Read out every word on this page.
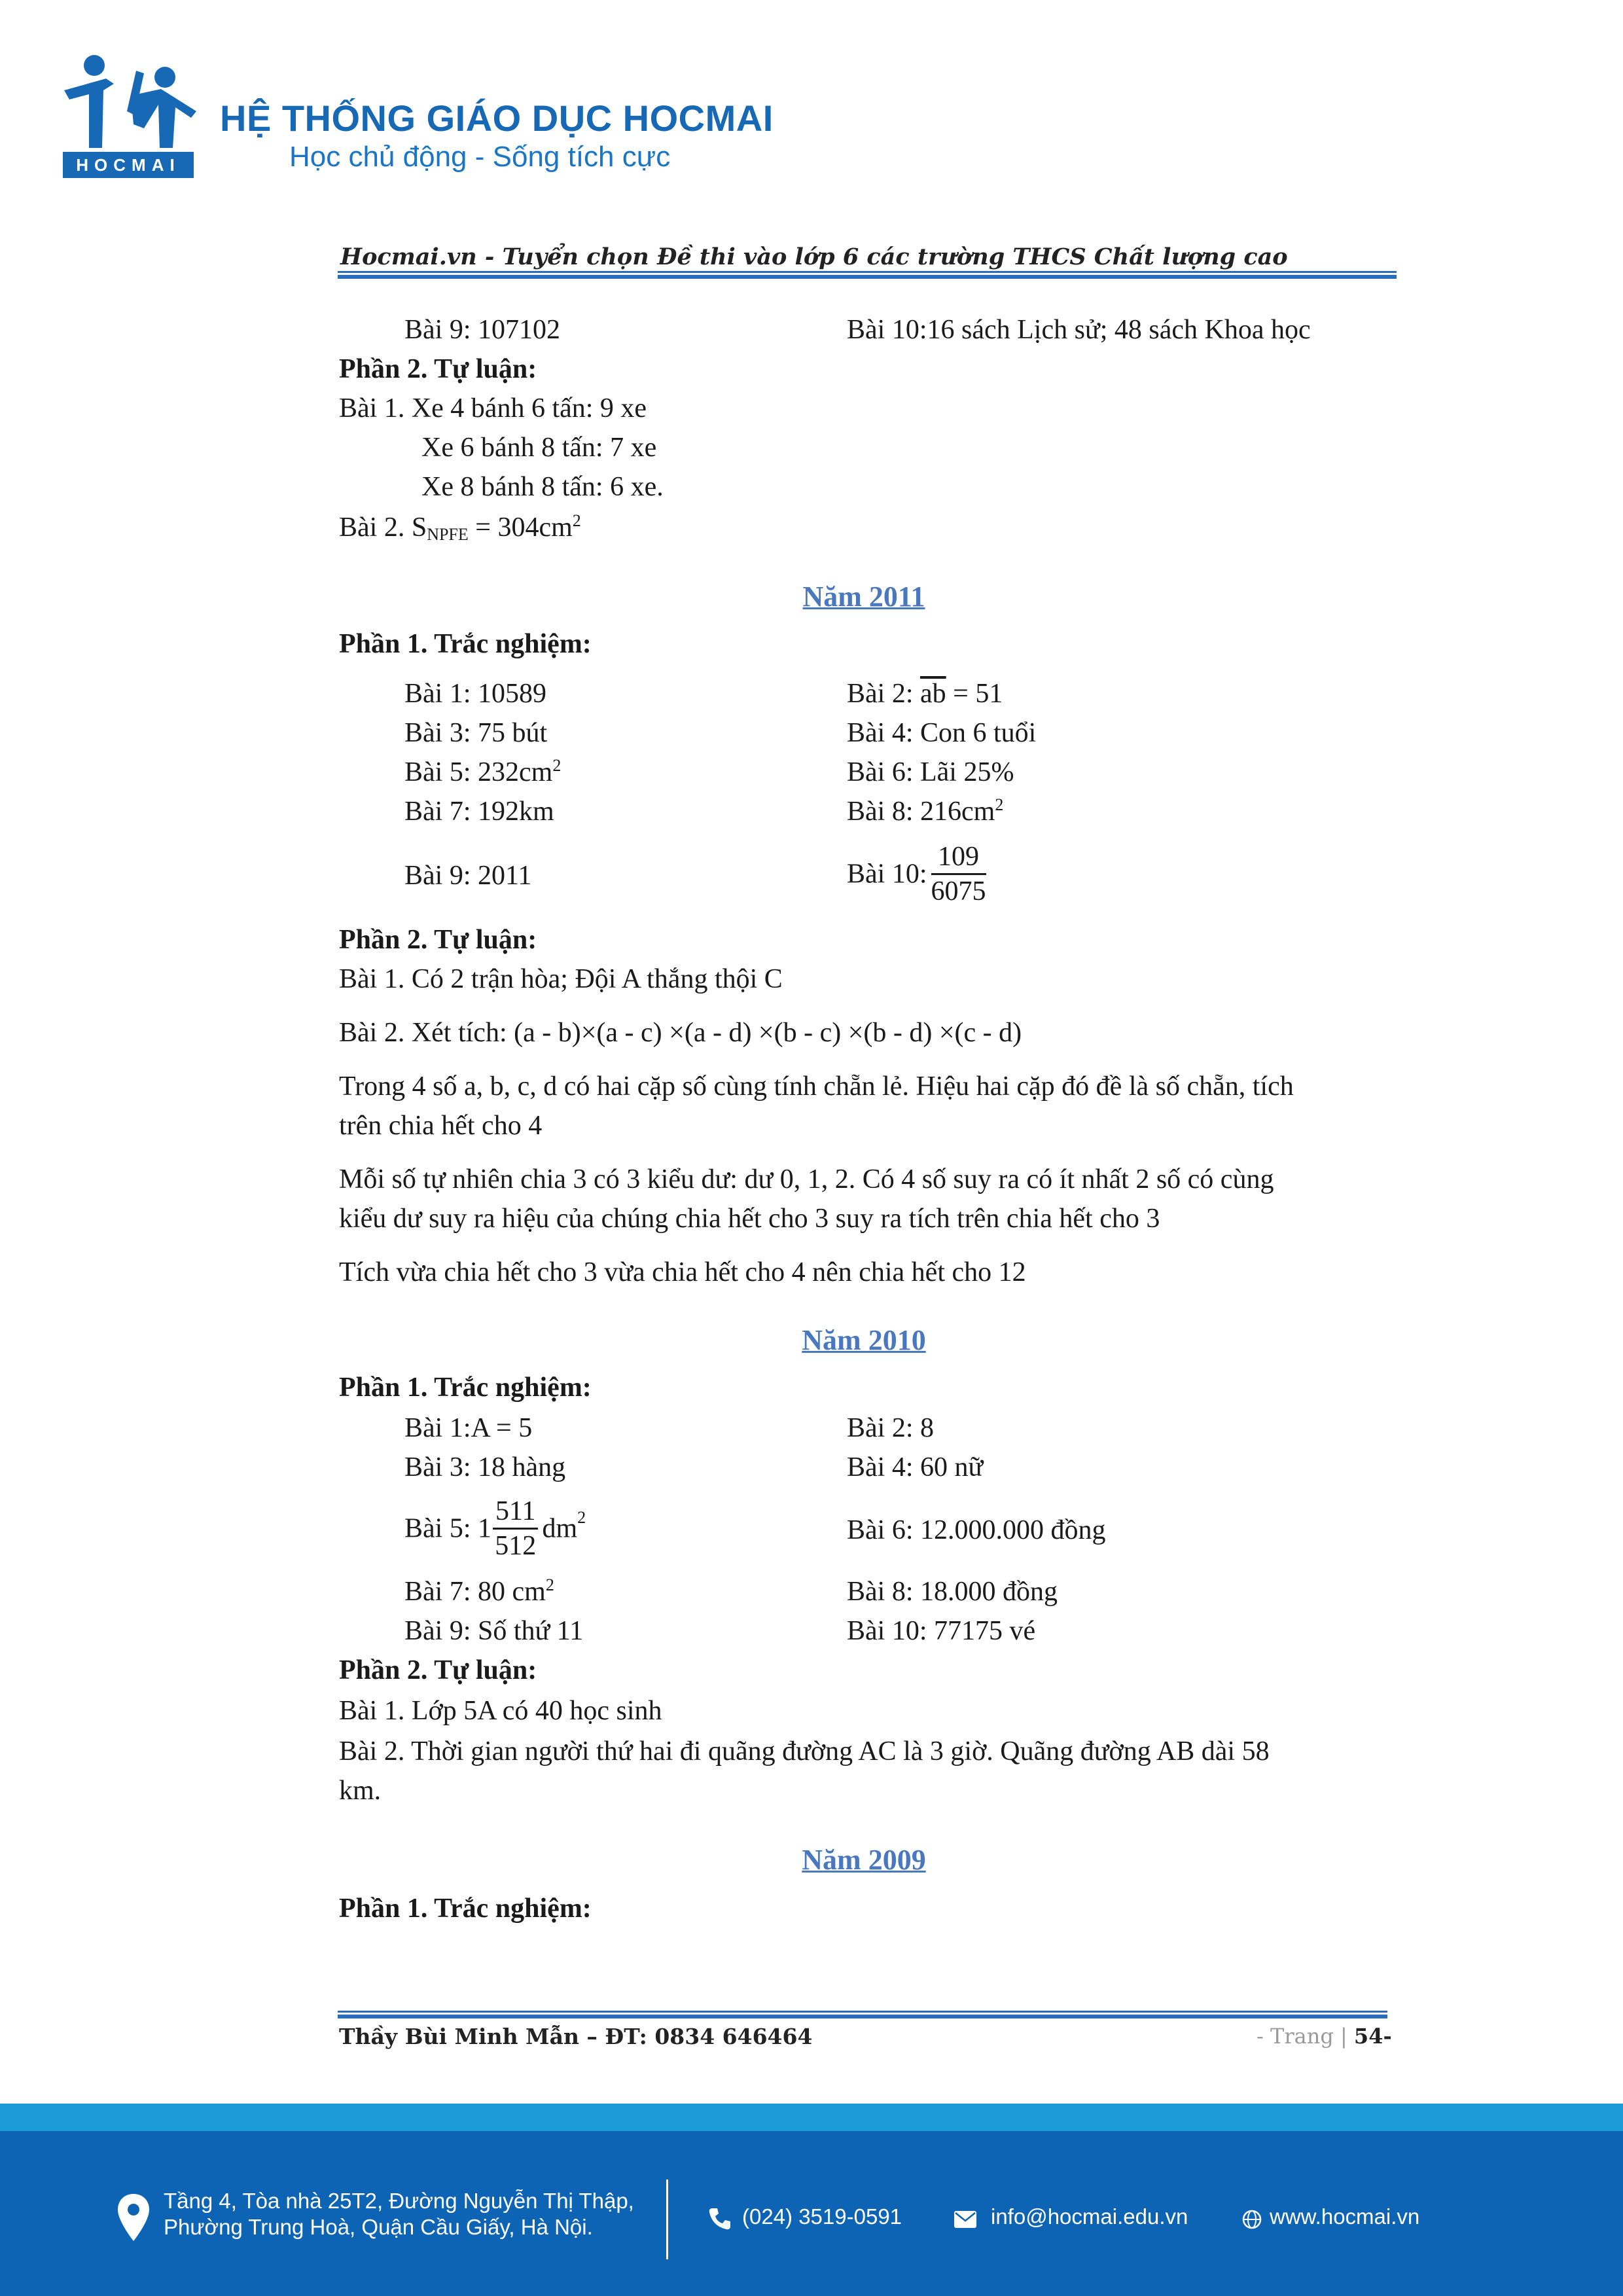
HOCMAI
HỆ THỐNG GIÁO DỤC HOCMAI
Học chủ động - Sống tích cực
Hocmai.vn - Tuyển chọn Đề thi vào lớp 6 các trường THCS Chất lượng cao
Bài 9: 107102	Bài 10:16 sách Lịch sử; 48 sách Khoa học
Phần 2. Tự luận:
Bài 1. Xe 4 bánh 6 tấn: 9 xe
Xe 6 bánh 8 tấn: 7 xe
Xe 8 bánh 8 tấn: 6 xe.
Bài 2. $S_{NPFE} = 304cm^2$
Năm 2011
Phần 1. Trắc nghiệm:
Bài 1: 10589	Bài 2: $\overline{ab} = 51$
Bài 3: 75 bút	Bài 4: Con 6 tuổi
Bài 5: $232cm^2$	Bài 6: Lãi 25%
Bài 7: 192km	Bài 8: $216cm^2$
Bài 9: 2011	Bài 10: $\frac{109}{6075}$
Phần 2. Tự luận:
Bài 1. Có 2 trận hòa; Đội A thắng thội C
Bài 2. Xét tích: (a - b)×(a - c) ×(a - d) ×(b - c) ×(b - d) ×(c - d)
Trong 4 số a, b, c, d có hai cặp số cùng tính chẵn lẻ. Hiệu hai cặp đó đề là số chẵn, tích
trên chia hết cho 4
Mỗi số tự nhiên chia 3 có 3 kiểu dư: dư 0, 1, 2. Có 4 số suy ra có ít nhất 2 số có cùng
kiểu dư suy ra hiệu của chúng chia hết cho 3 suy ra tích trên chia hết cho 3
Tích vừa chia hết cho 3 vừa chia hết cho 4 nên chia hết cho 12
Năm 2010
Phần 1. Trắc nghiệm:
Bài 1:A = 5	Bài 2: 8
Bài 3: 18 hàng	Bài 4: 60 nữ
Bài 5: $1 \frac{511}{512} dm^2$	Bài 6: 12.000.000 đồng
Bài 7: 80 $cm^2$	Bài 8: 18.000 đồng
Bài 9: Số thứ 11	Bài 10: 77175 vé
Phần 2. Tự luận:
Bài 1. Lớp 5A có 40 học sinh
Bài 2. Thời gian người thứ hai đi quãng đường AC là 3 giờ. Quãng đường AB dài 58
km.
Năm 2009
Phần 1. Trắc nghiệm:
Thầy Bùi Minh Mẫn – ĐT: 0834 646464	- Trang | 54-
Tầng 4, Tòa nhà 25T2, Đường Nguyễn Thị Thập,
Phường Trung Hoà, Quận Cầu Giấy, Hà Nội.	(024) 3519-0591	info@hocmai.edu.vn	www.hocmai.vn
